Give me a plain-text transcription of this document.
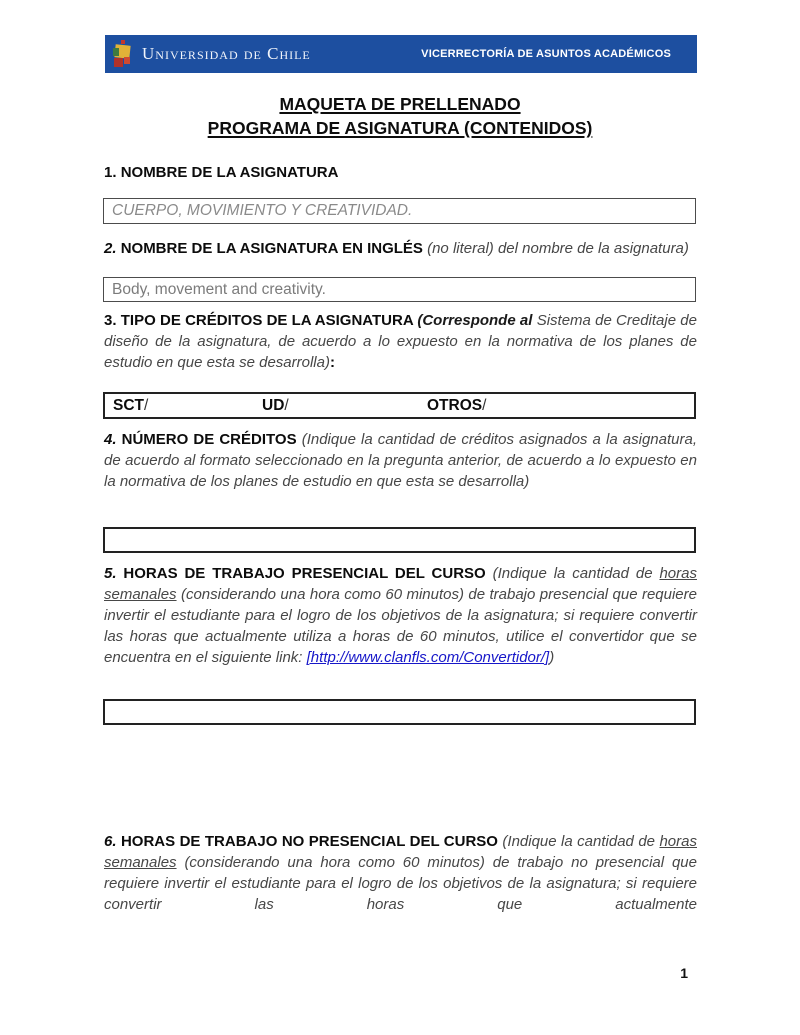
Universidad de Chile	VICERRECTORÍA DE ASUNTOS ACADÉMICOS
MAQUETA DE PRELLENADO
PROGRAMA DE ASIGNATURA (CONTENIDOS)

1. NOMBRE DE LA ASIGNATURA

CUERPO, MOVIMIENTO Y CREATIVIDAD.

2. NOMBRE DE LA ASIGNATURA EN INGLÉS (no literal) del nombre de la asignatura)

Body, movement and creativity.

3. TIPO DE CRÉDITOS DE LA ASIGNATURA (Corresponde al Sistema de Creditaje de diseño de la asignatura, de acuerdo a lo expuesto en la normativa de los planes de estudio en que esta se desarrolla):

SCT /	UD /	OTROS /

4. NÚMERO DE CRÉDITOS (Indique la cantidad de créditos asignados a la asignatura, de acuerdo al formato seleccionado en la pregunta anterior, de acuerdo a lo expuesto en la normativa de los planes de estudio en que esta se desarrolla)

5. HORAS DE TRABAJO PRESENCIAL DEL CURSO (Indique la cantidad de horas semanales (considerando una hora como 60 minutos) de trabajo presencial que requiere invertir el estudiante para el logro de los objetivos de la asignatura; si requiere convertir las horas que actualmente utiliza a horas de 60 minutos, utilice el convertidor que se encuentra en el siguiente link: [http://www.clanfls.com/Convertidor/])

6. HORAS DE TRABAJO NO PRESENCIAL DEL CURSO (Indique la cantidad de horas semanales (considerando una hora como 60 minutos) de trabajo no presencial que requiere invertir el estudiante para el logro de los objetivos de la asignatura; si requiere convertir las horas que actualmente

1
